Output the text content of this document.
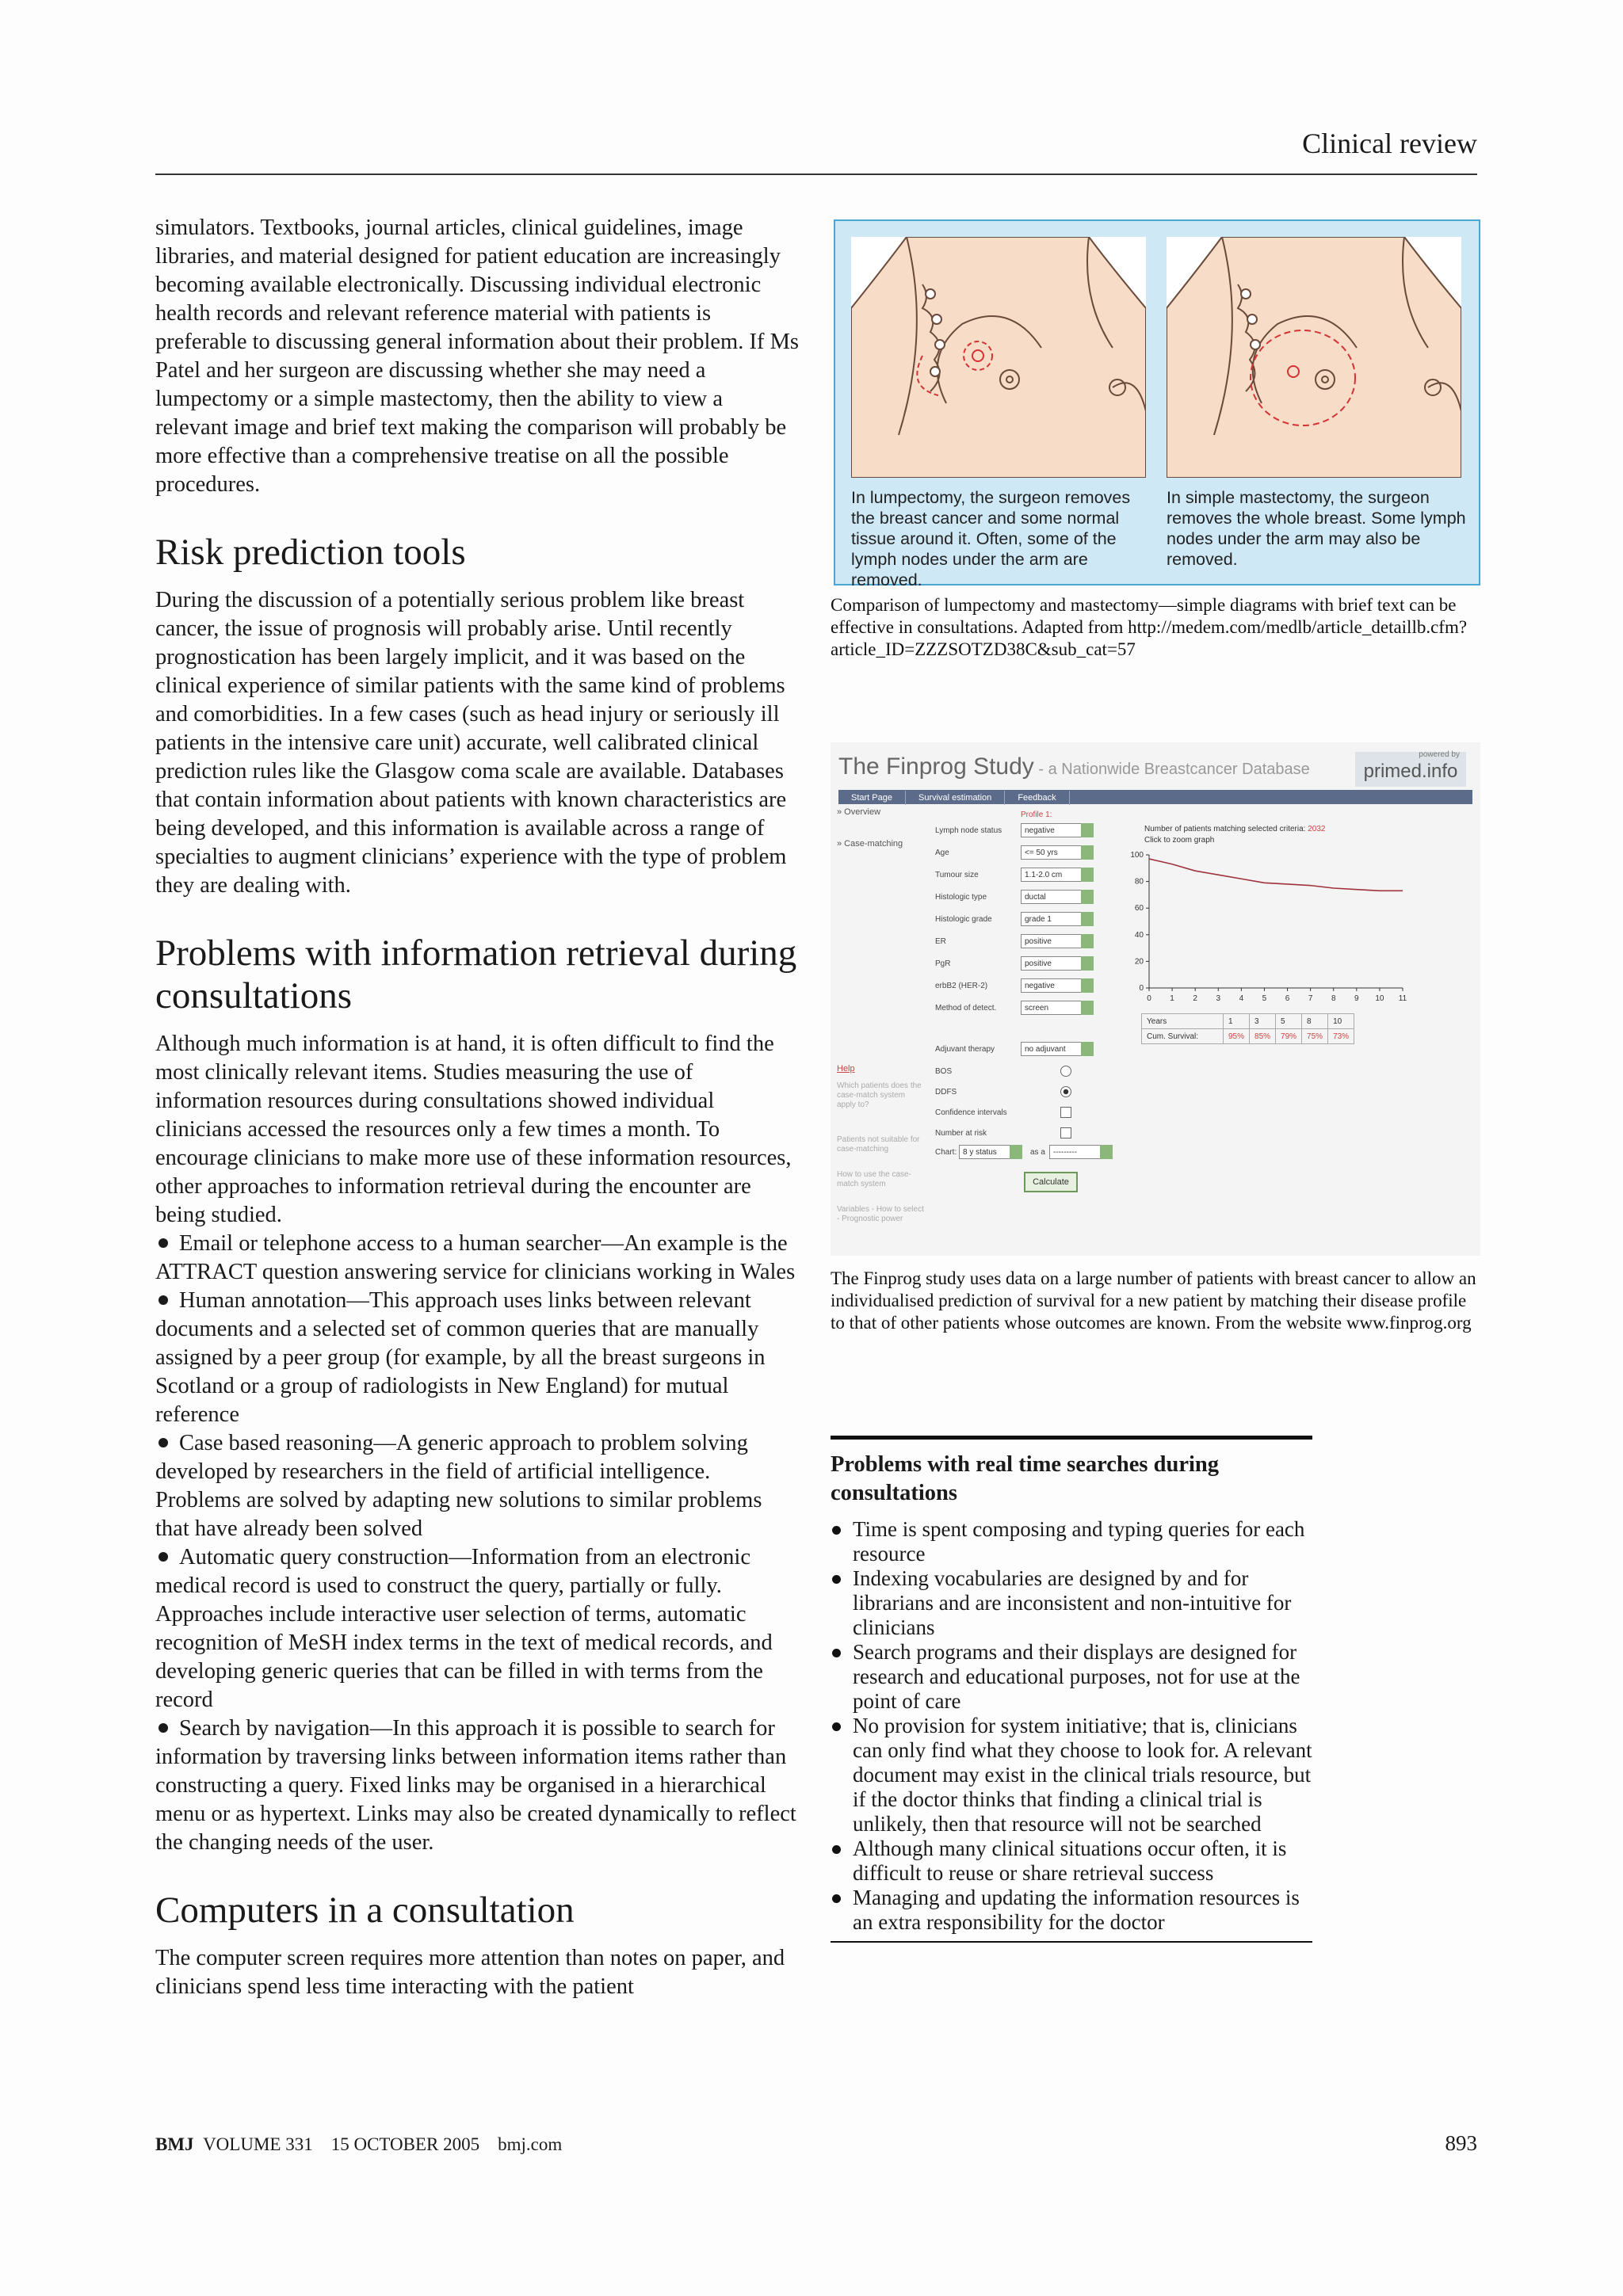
Clinical review

simulators. Textbooks, journal articles, clinical guidelines, image libraries, and material designed for patient education are increasingly becoming available electronically. Discussing individual electronic health records and relevant reference material with patients is preferable to discussing general information about their problem. If Ms Patel and her surgeon are discussing whether she may need a lumpectomy or a simple mastectomy, then the ability to view a relevant image and brief text making the comparison will probably be more effective than a comprehensive treatise on all the possible procedures.

Risk prediction tools

During the discussion of a potentially serious problem like breast cancer, the issue of prognosis will probably arise. Until recently prognostication has been largely implicit, and it was based on the clinical experience of similar patients with the same kind of problems and comorbidities. In a few cases (such as head injury or seriously ill patients in the intensive care unit) accurate, well calibrated clinical prediction rules like the Glasgow coma scale are available. Databases that contain information about patients with known characteristics are being developed, and this information is available across a range of specialties to augment clinicians’ experience with the type of problem they are dealing with.

Problems with information retrieval during consultations

Although much information is at hand, it is often difficult to find the most clinically relevant items. Studies measuring the use of information resources during consultations showed individual clinicians accessed the resources only a few times a month. To encourage clinicians to make more use of these information resources, other approaches to information retrieval during the encounter are being studied.

Email or telephone access to a human searcher—An example is the ATTRACT question answering service for clinicians working in Wales

Human annotation—This approach uses links between relevant documents and a selected set of common queries that are manually assigned by a peer group (for example, by all the breast surgeons in Scotland or a group of radiologists in New England) for mutual reference

Case based reasoning—A generic approach to problem solving developed by researchers in the field of artificial intelligence. Problems are solved by adapting new solutions to similar problems that have already been solved

Automatic query construction—Information from an electronic medical record is used to construct the query, partially or fully. Approaches include interactive user selection of terms, automatic recognition of MeSH index terms in the text of medical records, and developing generic queries that can be filled in with terms from the record

Search by navigation—In this approach it is possible to search for information by traversing links between information items rather than constructing a query. Fixed links may be organised in a hierarchical menu or as hypertext. Links may also be created dynamically to reflect the changing needs of the user.

Computers in a consultation

The computer screen requires more attention than notes on paper, and clinicians spend less time interacting with the patient

In lumpectomy, the surgeon removes the breast cancer and some normal tissue around it. Often, some of the lymph nodes under the arm are removed.
In simple mastectomy, the surgeon removes the whole breast. Some lymph nodes under the arm may also be removed.
Comparison of lumpectomy and mastectomy—simple diagrams with brief text can be effective in consultations. Adapted from http://medem.com/medlb/article_detaillb.cfm?article_ID=ZZZSOTZD38C&sub_cat=57
The Finprog Study - a Nationwide Breastcancer Database
powered by
primed.info
Start Page	Survival estimation	Feedback
» Overview
» Case-matching
Profile 1:
Lymph node status	negative
Age	<= 50 yrs
Tumour size	1.1-2.0 cm
Histologic type	ductal
Histologic grade	grade 1
ER	positive
PgR	positive
erbB2 (HER-2)	negative
Method of detect.	screen
Adjuvant therapy	no adjuvant
BOS
DDFS
Confidence intervals
Number at risk
Chart: 8 y status	as a	---------
Calculate
Help
Which patients does the case-match system apply to?
Patients not suitable for case-matching
How to use the case-match system
Variables - How to select - Prognostic power
Number of patients matching selected criteria: 2032
Click to zoom graph
0
20
40
60
80
100
0 1 2 3 4 5 6 7 8 9 10 11
Years	1	3	5	8	10
Cum. Survival:	95%	85%	79%	75%	73%
The Finprog study uses data on a large number of patients with breast cancer to allow an individualised prediction of survival for a new patient by matching their disease profile to that of other patients whose outcomes are known. From the website www.finprog.org
Problems with real time searches during consultations
Time is spent composing and typing queries for each resource
Indexing vocabularies are designed by and for librarians and are inconsistent and non-intuitive for clinicians
Search programs and their displays are designed for research and educational purposes, not for use at the point of care
No provision for system initiative; that is, clinicians can only find what they choose to look for. A relevant document may exist in the clinical trials resource, but if the doctor thinks that finding a clinical trial is unlikely, then that resource will not be searched
Although many clinical situations occur often, it is difficult to reuse or share retrieval success
Managing and updating the information resources is an extra responsibility for the doctor
BMJ VOLUME 331 15 OCTOBER 2005 bmj.com	893
